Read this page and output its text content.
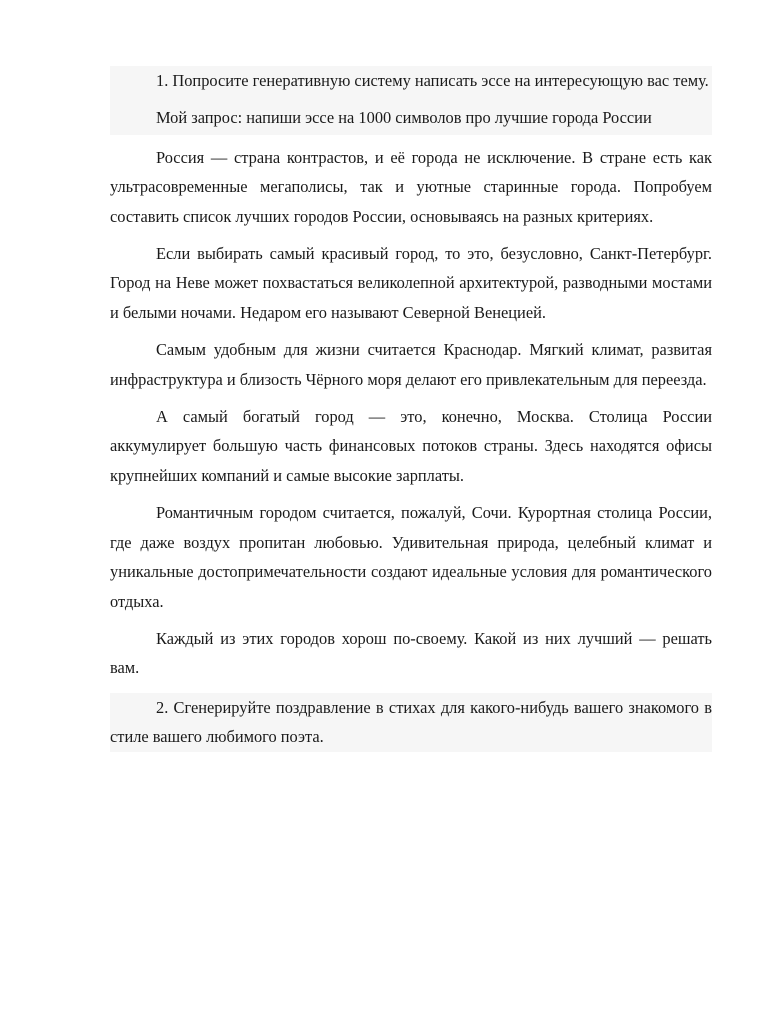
1. Попросите генеративную систему написать эссе на интересующую вас тему.

Мой запрос: напиши эссе на 1000 символов про лучшие города России

Россия — страна контрастов, и её города не исключение. В стране есть как ультрасовременные мегаполисы, так и уютные старинные города. Попробуем составить список лучших городов России, основываясь на разных критериях.

Если выбирать самый красивый город, то это, безусловно, Санкт-Петербург. Город на Неве может похвастаться великолепной архитектурой, разводными мостами и белыми ночами. Недаром его называют Северной Венецией.

Самым удобным для жизни считается Краснодар. Мягкий климат, развитая инфраструктура и близость Чёрного моря делают его привлекательным для переезда.

А самый богатый город — это, конечно, Москва. Столица России аккумулирует большую часть финансовых потоков страны. Здесь находятся офисы крупнейших компаний и самые высокие зарплаты.

Романтичным городом считается, пожалуй, Сочи. Курортная столица России, где даже воздух пропитан любовью. Удивительная природа, целебный климат и уникальные достопримечательности создают идеальные условия для романтического отдыха.

Каждый из этих городов хорош по-своему. Какой из них лучший — решать вам.

2. Сгенерируйте поздравление в стихах для какого-нибудь вашего знакомого в стиле вашего любимого поэта.
